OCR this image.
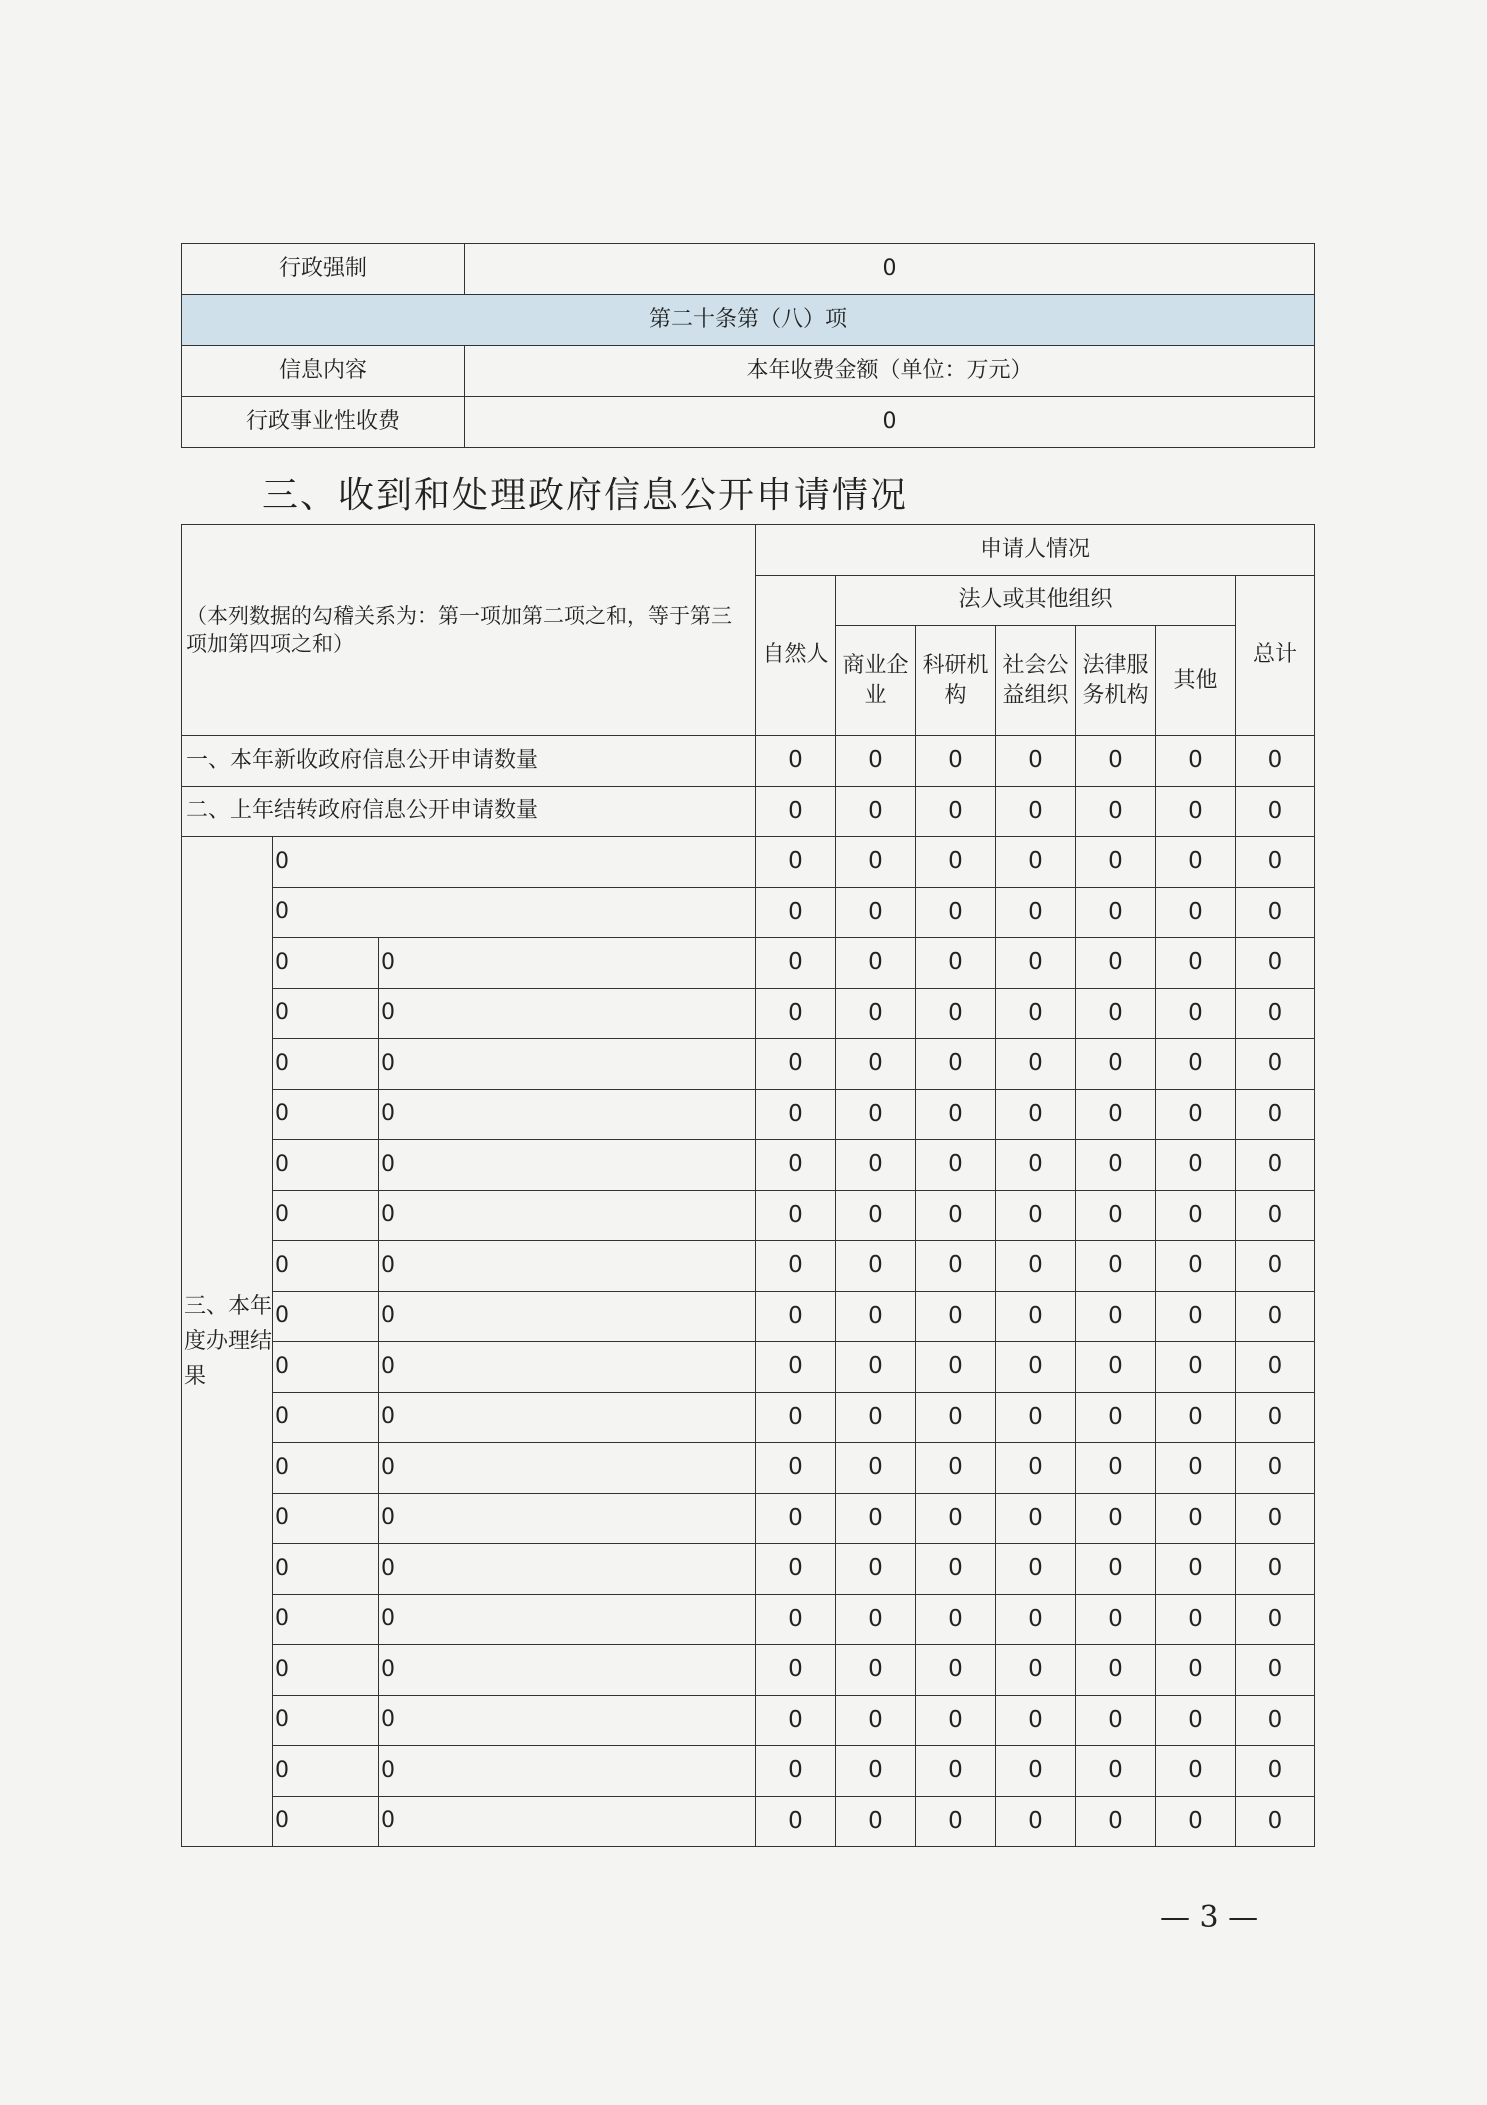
行政强制	0
第二十条第（八）项	
信息内容	本年收费金额（单位：万元）
行政事业性收费	0
三、收到和处理政府信息公开申请情况
（本列数据的勾稽关系为：第一项加第二项之和，等于第三项加第四项之和）			申请人情况						
			自然人	法人或其他组织					总计
				商业企业	科研机构	社会公益组织	法律服务机构	其他	
一、本年新收政府信息公开申请数量			0	0	0	0	0	0	0
二、上年结转政府信息公开申请数量			0	0	0	0	0	0	0
三、本年度办理结果	0		0	0	0	0	0	0	0
	0		0	0	0	0	0	0	0
	0	0	0	0	0	0	0	0	0
	0	0	0	0	0	0	0	0	0
	0	0	0	0	0	0	0	0	0
	0	0	0	0	0	0	0	0	0
	0	0	0	0	0	0	0	0	0
	0	0	0	0	0	0	0	0	0
	0	0	0	0	0	0	0	0	0
	0	0	0	0	0	0	0	0	0
	0	0	0	0	0	0	0	0	0
	0	0	0	0	0	0	0	0	0
	0	0	0	0	0	0	0	0	0
	0	0	0	0	0	0	0	0	0
	0	0	0	0	0	0	0	0	0
	0	0	0	0	0	0	0	0	0
	0	0	0	0	0	0	0	0	0
	0	0	0	0	0	0	0	0	0
	0	0	0	0	0	0	0	0	0
	0	0	0	0	0	0	0	0	0
— 3 —
